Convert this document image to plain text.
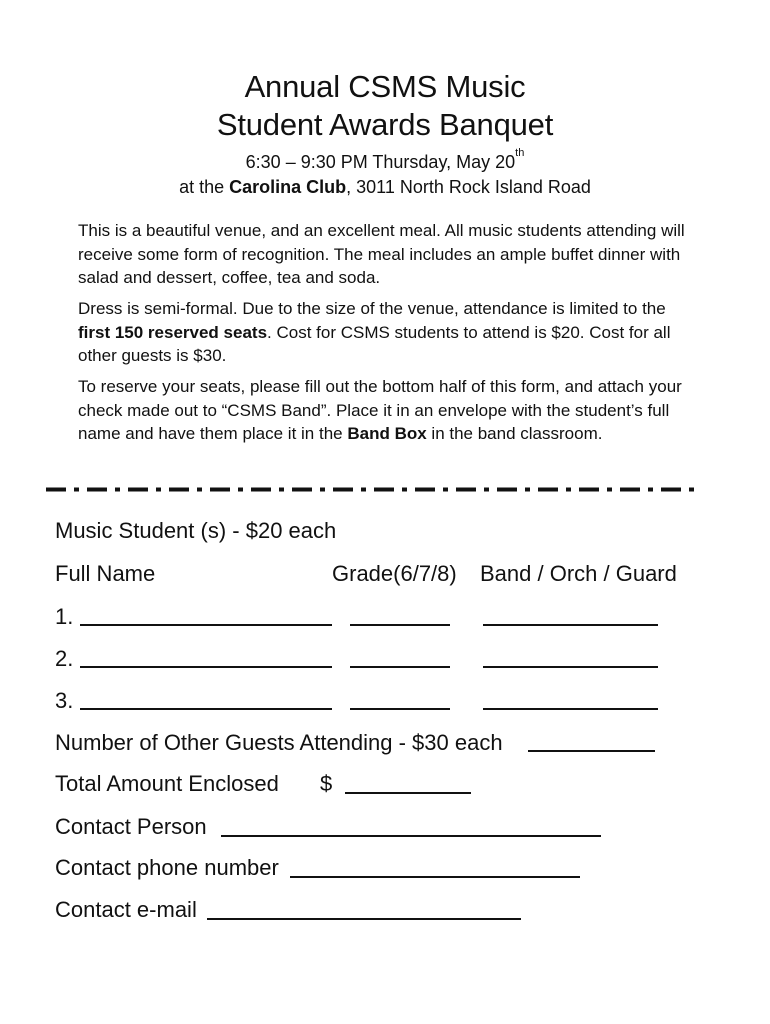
Annual CSMS Music
Student Awards Banquet
6:30 – 9:30 PM Thursday, May 20th
at the Carolina Club, 3011 North Rock Island Road
This is a beautiful venue, and an excellent meal. All music students attending will receive some form of recognition. The meal includes an ample buffet dinner with salad and dessert, coffee, tea and soda.
Dress is semi-formal. Due to the size of the venue, attendance is limited to the first 150 reserved seats. Cost for CSMS students to attend is $20. Cost for all other guests is $30.
To reserve your seats, please fill out the bottom half of this form, and attach your check made out to “CSMS Band”. Place it in an envelope with the student’s full name and have them place it in the Band Box in the band classroom.
Music Student (s) - $20 each
Full Name	Grade(6/7/8) Band / Orch / Guard
1.
2.
3.
Number of Other Guests Attending - $30 each
Total Amount Enclosed $
Contact Person
Contact phone number
Contact e-mail
